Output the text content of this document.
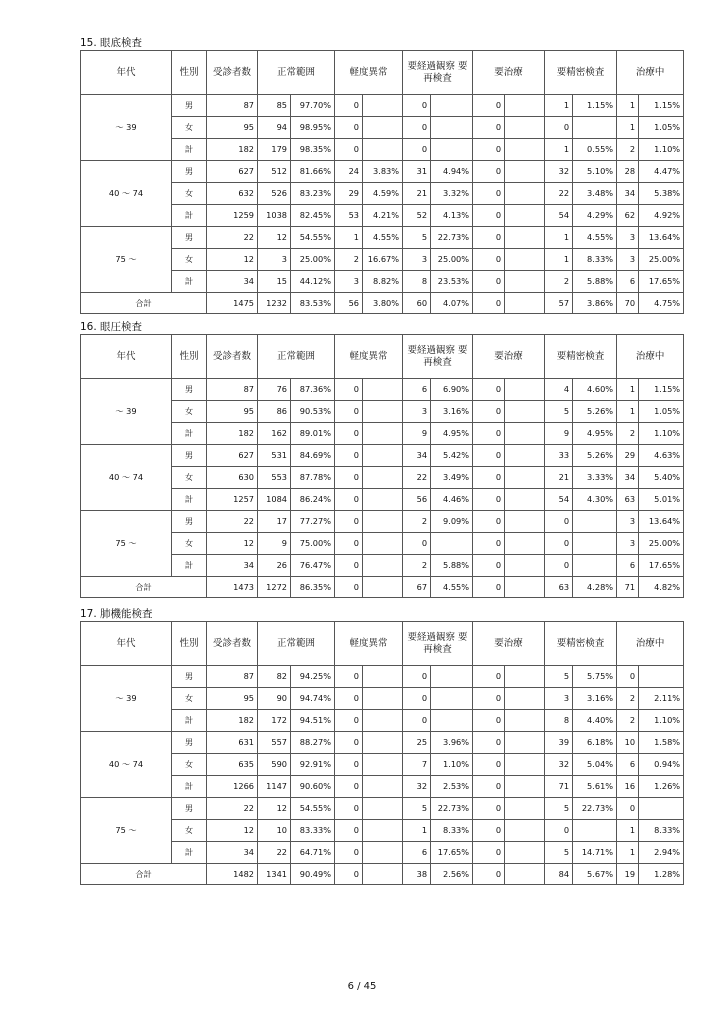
15. 眼底検査
年代	性別	受診者数	正常範囲		軽度異常		要経過観察 要再検査		要治療		要精密検査		治療中	
～ 39	男	87	85	97.70%	0		0		0		1	1.15%	1	1.15%
	女	95	94	98.95%	0		0		0		0		1	1.05%
	計	182	179	98.35%	0		0		0		1	0.55%	2	1.10%
40 ～ 74	男	627	512	81.66%	24	3.83%	31	4.94%	0		32	5.10%	28	4.47%
	女	632	526	83.23%	29	4.59%	21	3.32%	0		22	3.48%	34	5.38%
	計	1259	1038	82.45%	53	4.21%	52	4.13%	0		54	4.29%	62	4.92%
75 ～	男	22	12	54.55%	1	4.55%	5	22.73%	0		1	4.55%	3	13.64%
	女	12	3	25.00%	2	16.67%	3	25.00%	0		1	8.33%	3	25.00%
	計	34	15	44.12%	3	8.82%	8	23.53%	0		2	5.88%	6	17.65%
合計		1475	1232	83.53%	56	3.80%	60	4.07%	0		57	3.86%	70	4.75%
16. 眼圧検査
年代	性別	受診者数	正常範囲		軽度異常		要経過観察 要再検査		要治療		要精密検査		治療中	
～ 39	男	87	76	87.36%	0		6	6.90%	0		4	4.60%	1	1.15%
	女	95	86	90.53%	0		3	3.16%	0		5	5.26%	1	1.05%
	計	182	162	89.01%	0		9	4.95%	0		9	4.95%	2	1.10%
40 ～ 74	男	627	531	84.69%	0		34	5.42%	0		33	5.26%	29	4.63%
	女	630	553	87.78%	0		22	3.49%	0		21	3.33%	34	5.40%
	計	1257	1084	86.24%	0		56	4.46%	0		54	4.30%	63	5.01%
75 ～	男	22	17	77.27%	0		2	9.09%	0		0		3	13.64%
	女	12	9	75.00%	0		0		0		0		3	25.00%
	計	34	26	76.47%	0		2	5.88%	0		0		6	17.65%
合計		1473	1272	86.35%	0		67	4.55%	0		63	4.28%	71	4.82%
17. 肺機能検査
年代	性別	受診者数	正常範囲		軽度異常		要経過観察 要再検査		要治療		要精密検査		治療中	
～ 39	男	87	82	94.25%	0		0		0		5	5.75%	0	
	女	95	90	94.74%	0		0		0		3	3.16%	2	2.11%
	計	182	172	94.51%	0		0		0		8	4.40%	2	1.10%
40 ～ 74	男	631	557	88.27%	0		25	3.96%	0		39	6.18%	10	1.58%
	女	635	590	92.91%	0		7	1.10%	0		32	5.04%	6	0.94%
	計	1266	1147	90.60%	0		32	2.53%	0		71	5.61%	16	1.26%
75 ～	男	22	12	54.55%	0		5	22.73%	0		5	22.73%	0	
	女	12	10	83.33%	0		1	8.33%	0		0		1	8.33%
	計	34	22	64.71%	0		6	17.65%	0		5	14.71%	1	2.94%
合計		1482	1341	90.49%	0		38	2.56%	0		84	5.67%	19	1.28%
6 / 45
